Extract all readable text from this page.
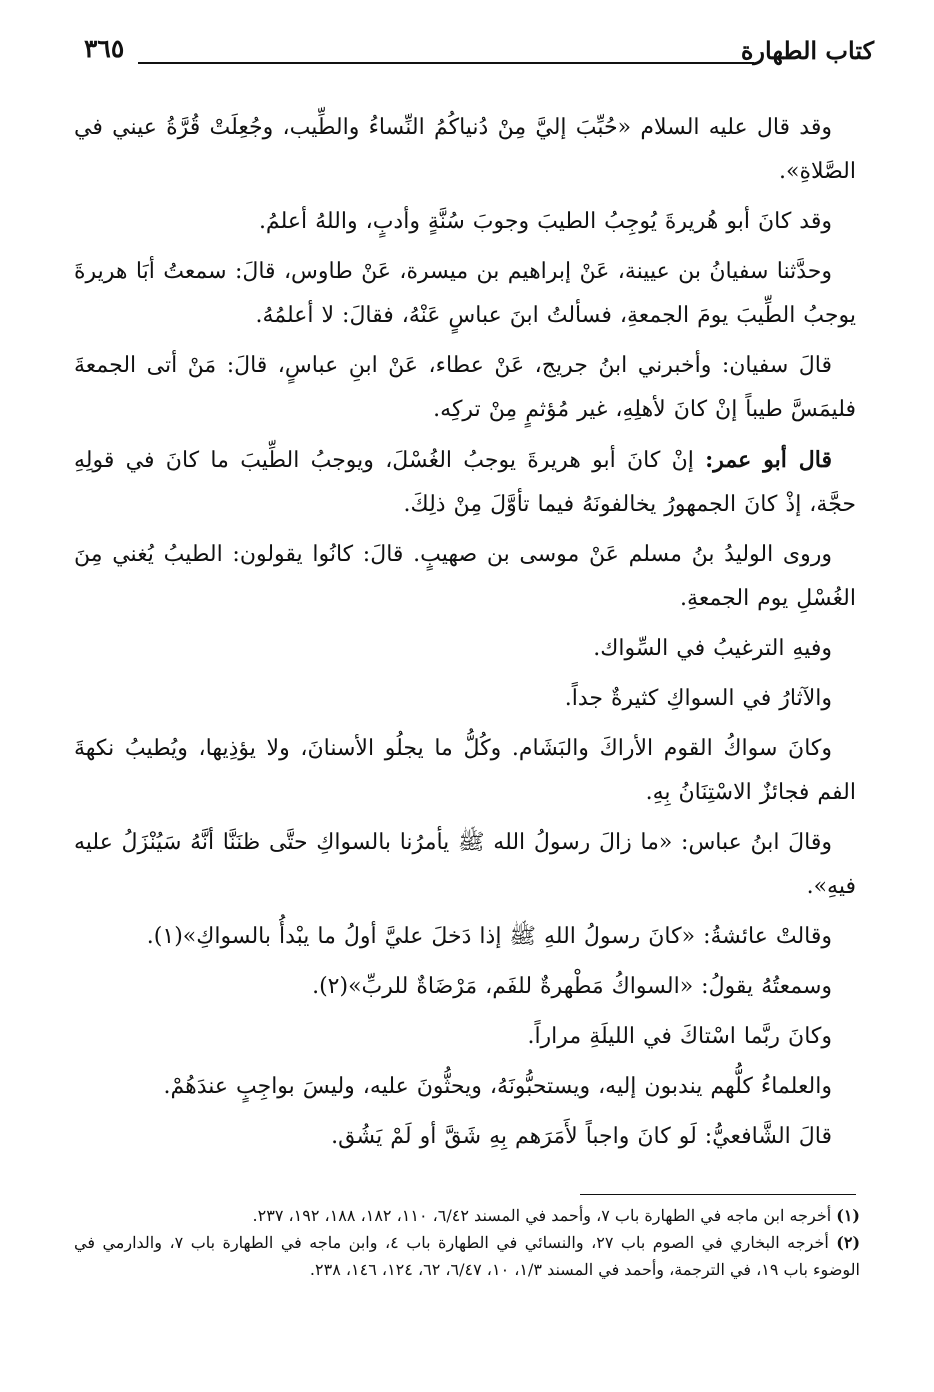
كتاب الطهارة
٣٦٥

وقد قال عليه السلام «حُبِّبَ إليَّ مِنْ دُنياكُمُ النِّساءُ والطِّيب، وجُعِلَتْ قُرَّةُ عيني في الصَّلاةِ».

وقد كانَ أبو هُريرةَ يُوجِبُ الطيبَ وجوبَ سُنَّةٍ وأدبٍ، واللهُ أعلمُ.

وحدَّثنا سفيانُ بن عيينة، عَنْ إبراهيم بن ميسرة، عَنْ طاوس، قالَ: سمعتُ أبَا هريرةَ يوجبُ الطِّيبَ يومَ الجمعةِ، فسألتُ ابنَ عباسٍ عَنْهُ، فقالَ: لا أعلمُهُ.

قالَ سفيان: وأخبرني ابنُ جريج، عَنْ عطاء، عَنْ ابنِ عباسٍ، قالَ: مَنْ أتى الجمعةَ فليمَسَّ طيباً إنْ كانَ لأهلِهِ، غير مُؤثمٍ مِنْ تركِه.

قال أبو عمر: إنْ كانَ أبو هريرةَ يوجبُ الغُسْلَ، ويوجبُ الطِّيبَ ما كانَ في قولِهِ حجَّة، إذْ كانَ الجمهورُ يخالفونَهُ فيما تأوَّلَ مِنْ ذلِكَ.

وروى الوليدُ بنُ مسلم عَنْ موسى بن صهيبٍ. قالَ: كانُوا يقولون: الطيبُ يُغني مِنَ الغُسْلِ يوم الجمعةِ.

وفيهِ الترغيبُ في السِّواك.

والآثارُ في السواكِ كثيرةٌ جداً.

وكانَ سواكُ القوم الأراكَ والبَشَام. وكُلُّ ما يجلُو الأسنانَ، ولا يؤذِيها، ويُطيبُ نكهةَ الفم فجائزٌ الاسْتِنَانُ بِهِ.

وقالَ ابنُ عباس: «ما زالَ رسولُ الله ﷺ يأمرُنا بالسواكِ حتَّى ظنَنَّا أنَّهُ سَيُنْزَلُ عليه فيهِ».

وقالتْ عائشةُ: «كانَ رسولُ اللهِ ﷺ إذا دَخلَ عليَّ أولُ ما يبْدأُ بالسواكِ»(١).

وسمعتُهُ يقولُ: «السواكُ مَطْهرةٌ للفَم، مَرْضَاةٌ للربِّ»(٢).

وكانَ ربَّما اسْتاكَ في الليلَةِ مراراً.

والعلماءُ كلُّهم يندبون إليه، ويستحبُّونَهُ، ويحثُّونَ عليه، وليسَ بواجِبٍ عندَهُمْ.

قالَ الشَّافعيُّ: لَو كانَ واجباً لأَمَرَهم بِهِ شَقَّ أو لَمْ يَشُق.

(١) أخرجه ابن ماجه في الطهارة باب ٧، وأحمد في المسند ٦/٤٢، ١١٠، ١٨٢، ١٨٨، ١٩٢، ٢٣٧.

(٢) أخرجه البخاري في الصوم باب ٢٧، والنسائي في الطهارة باب ٤، وابن ماجه في الطهارة باب ٧، والدارمي في الوضوء باب ١٩، في الترجمة، وأحمد في المسند ١/٣، ١٠، ٦/٤٧، ٦٢، ١٢٤، ١٤٦، ٢٣٨.
